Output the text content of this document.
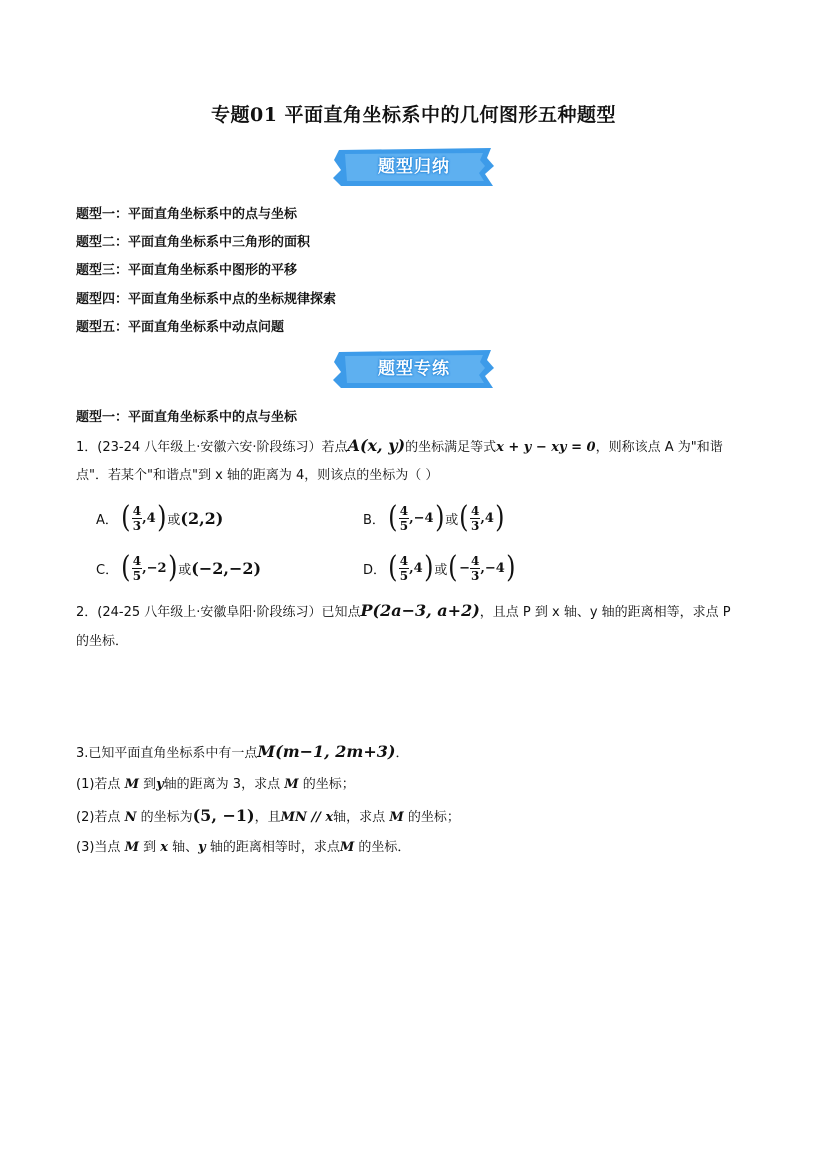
专题01 平面直角坐标系中的几何图形五种题型
题型归纳
题型一：平面直角坐标系中的点与坐标
题型二：平面直角坐标系中三角形的面积
题型三：平面直角坐标系中图形的平移
题型四：平面直角坐标系中点的坐标规律探索
题型五：平面直角坐标系中动点问题
题型专练
题型一：平面直角坐标系中的点与坐标
1．(23-24 八年级上·安徽六安·阶段练习）若点A(x, y)的坐标满足等式x + y − xy = 0，则称该点 A 为"和谐
点"．若某个"和谐点"到 x 轴的距离为 4，则该点的坐标为（ ）
A． ( $\frac{4}{3} ,4$ ) 或 (2,2)	B． ( $\frac{4}{5} ,-4$ ) 或 ( $\frac{4}{3} ,4$ )
C． ( $\frac{4}{5} ,-2$ ) 或 (−2,−2)	D． ( $\frac{4}{5} ,4$ ) 或 ( − $\frac{4}{3} ,-4$ )
2．(24-25 八年级上·安徽阜阳·阶段练习）已知点P(2a−3, a+2)，且点 P 到 x 轴、y 轴的距离相等，求点 P
的坐标．
3.已知平面直角坐标系中有一点M(m−1, 2m+3)．
(1)若点 M 到y轴的距离为 3，求点 M 的坐标；
(2)若点 N 的坐标为(5, −1)，且MN // x轴，求点 M 的坐标；
(3)当点 M 到 x 轴、y 轴的距离相等时，求点M 的坐标．
